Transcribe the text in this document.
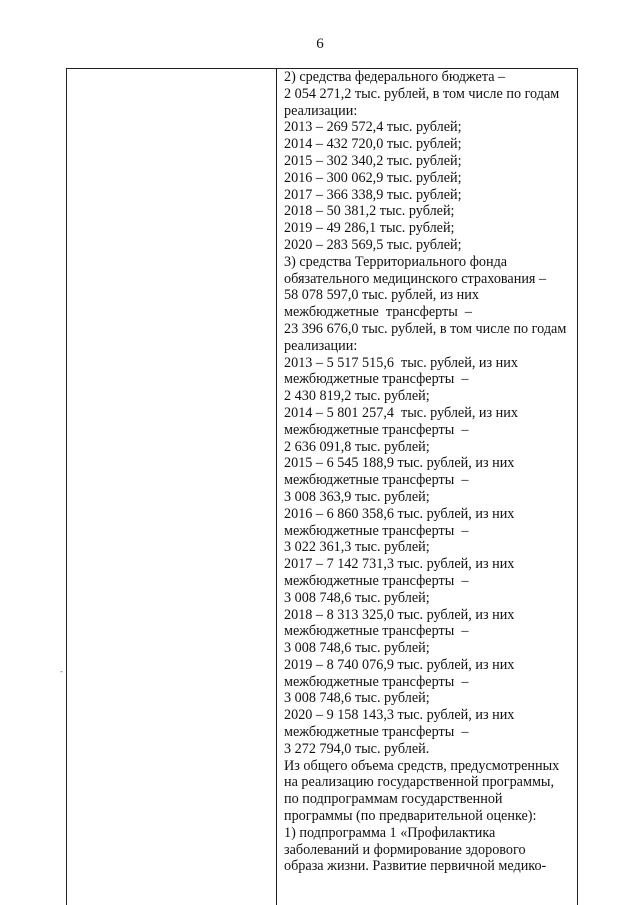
6
-
2) средства федерального бюджета –
2 054 271,2 тыс. рублей, в том числе по годам
реализации:
2013 – 269 572,4 тыс. рублей;
2014 – 432 720,0 тыс. рублей;
2015 – 302 340,2 тыс. рублей;
2016 – 300 062,9 тыс. рублей;
2017 – 366 338,9 тыс. рублей;
2018 – 50 381,2 тыс. рублей;
2019 – 49 286,1 тыс. рублей;
2020 – 283 569,5 тыс. рублей;
3) средства Территориального фонда
обязательного медицинского страхования –
58 078 597,0 тыс. рублей, из них
межбюджетные  трансферты  –
23 396 676,0 тыс. рублей, в том числе по годам
реализации:
2013 – 5 517 515,6  тыс. рублей, из них
межбюджетные трансферты  –
2 430 819,2 тыс. рублей;
2014 – 5 801 257,4  тыс. рублей, из них
межбюджетные трансферты  –
2 636 091,8 тыс. рублей;
2015 – 6 545 188,9 тыс. рублей, из них
межбюджетные трансферты  –
3 008 363,9 тыс. рублей;
2016 – 6 860 358,6 тыс. рублей, из них
межбюджетные трансферты  –
3 022 361,3 тыс. рублей;
2017 – 7 142 731,3 тыс. рублей, из них
межбюджетные трансферты  –
3 008 748,6 тыс. рублей;
2018 – 8 313 325,0 тыс. рублей, из них
межбюджетные трансферты  –
3 008 748,6 тыс. рублей;
2019 – 8 740 076,9 тыс. рублей, из них
межбюджетные трансферты  –
3 008 748,6 тыс. рублей;
2020 – 9 158 143,3 тыс. рублей, из них
межбюджетные трансферты  –
3 272 794,0 тыс. рублей.
Из общего объема средств, предусмотренных
на реализацию государственной программы,
по подпрограммам государственной
программы (по предварительной оценке):
1) подпрограмма 1 «Профилактика
заболеваний и формирование здорового
образа жизни. Развитие первичной медико-
